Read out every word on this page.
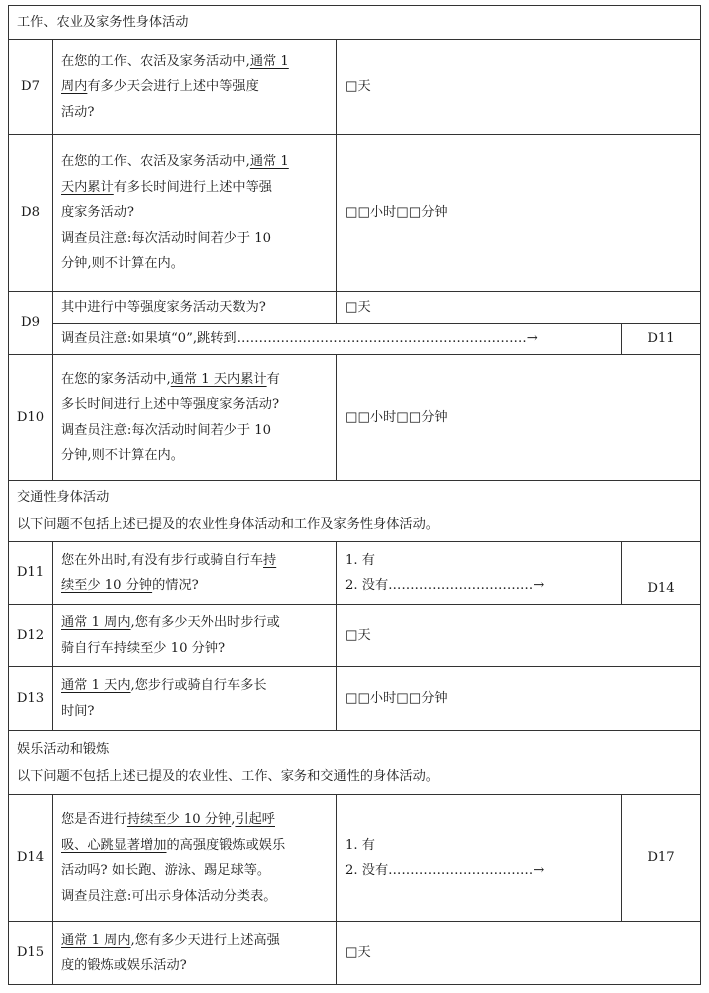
工作、农业及家务性身体活动			

D7	在您的工作、农活及家务活动中,通常 1
周内有多少天会进行上述中等强度
活动?	□天	
D8	在您的工作、农活及家务活动中,通常 1
天内累计有多长时间进行上述中等强
度家务活动?
调查员注意:每次活动时间若少于 10
分钟,则不计算在内。	□□小时□□分钟	
D9	其中进行中等强度家务活动天数为?	□天	

	调查员注意:如果填“0”,跳转到…………………………………………………………→		D11
D10	在您的家务活动中,通常 1 天内累计有
多长时间进行上述中等强度家务活动?
调查员注意:每次活动时间若少于 10
分钟,则不计算在内。	□□小时□□分钟	

交通性身体活动
以下问题不包括上述已提及的农业性身体活动和工作及家务性身体活动。			

D11	您在外出时,有没有步行或骑自行车持
续至少 10 分钟的情况?	1. 有
2. 没有……………………………→	D14
D12	通常 1 周内,您有多少天外出时步行或
骑自行车持续至少 10 分钟?	□天	
D13	通常 1 天内,您步行或骑自行车多长
时间?	□□小时□□分钟	

娱乐活动和锻炼
以下问题不包括上述已提及的农业性、工作、家务和交通性的身体活动。			

D14	您是否进行持续至少 10 分钟,引起呼
吸、心跳显著增加的高强度锻炼或娱乐
活动吗? 如长跑、游泳、踢足球等。
调查员注意:可出示身体活动分类表。	1. 有
2. 没有……………………………→	D17
D15	通常 1 周内,您有多少天进行上述高强
度的锻炼或娱乐活动?	□天	
